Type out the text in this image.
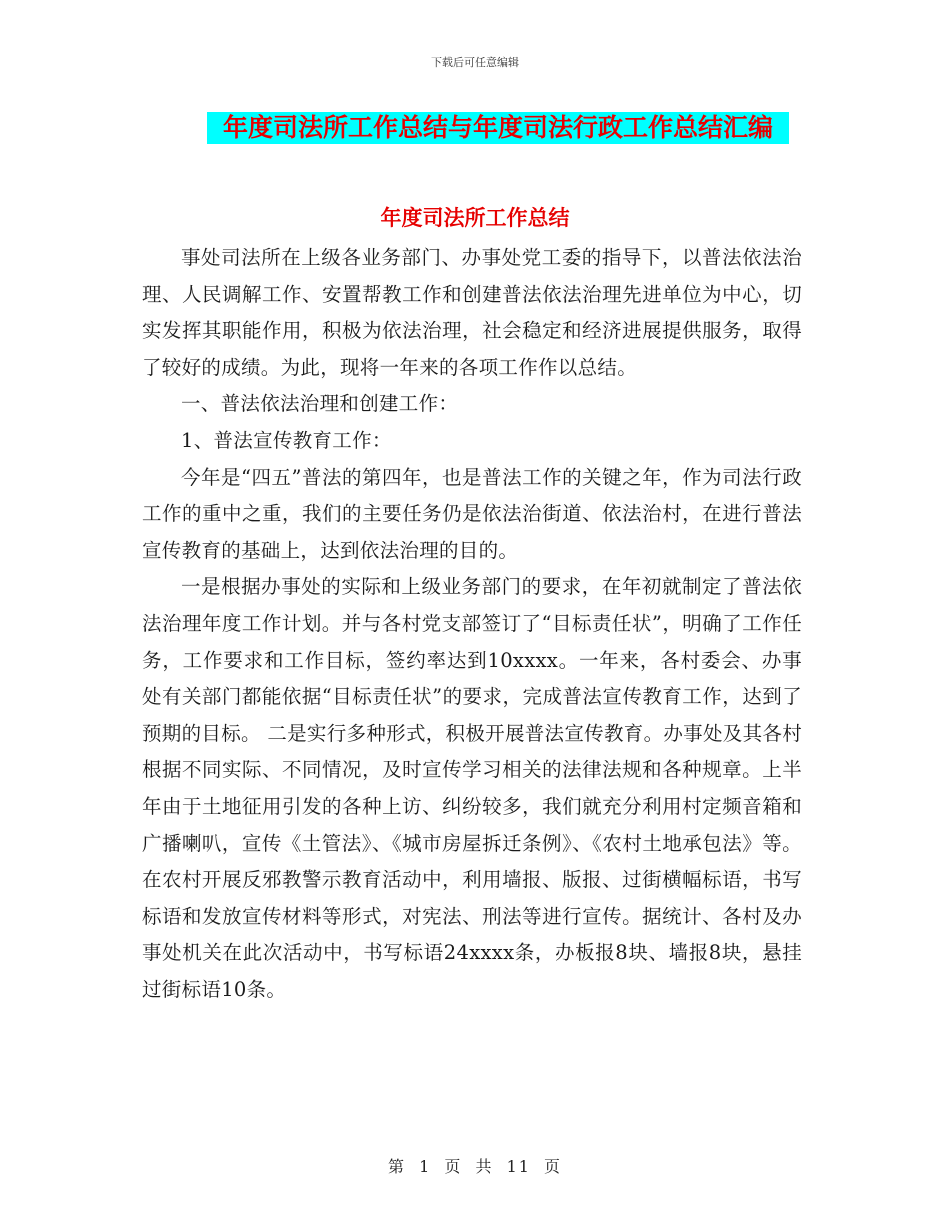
下载后可任意编辑
年度司法所工作总结与年度司法行政工作总结汇编
年度司法所工作总结

事处司法所在上级各业务部门、办事处党工委的指导下，以普法依法治理、人民调解工作、安置帮教工作和创建普法依法治理先进单位为中心，切实发挥其职能作用，积极为依法治理，社会稳定和经济进展提供服务，取得了较好的成绩。为此，现将一年来的各项工作作以总结。

一、普法依法治理和创建工作：

1、普法宣传教育工作：

今年是“四五”普法的第四年，也是普法工作的关键之年，作为司法行政工作的重中之重，我们的主要任务仍是依法治街道、依法治村，在进行普法宣传教育的基础上，达到依法治理的目的。

一是根据办事处的实际和上级业务部门的要求，在年初就制定了普法依法治理年度工作计划。并与各村党支部签订了“目标责任状”，明确了工作任务，工作要求和工作目标，签约率达到10xxxx。一年来，各村委会、办事处有关部门都能依据“目标责任状”的要求，完成普法宣传教育工作，达到了预期的目标。 二是实行多种形式，积极开展普法宣传教育。办事处及其各村根据不同实际、不同情况，及时宣传学习相关的法律法规和各种规章。上半年由于土地征用引发的各种上访、纠纷较多，我们就充分利用村定频音箱和广播喇叭，宣传《土管法》、《城市房屋拆迁条例》、《农村土地承包法》等。在农村开展反邪教警示教育活动中，利用墙报、版报、过街横幅标语，书写标语和发放宣传材料等形式，对宪法、刑法等进行宣传。据统计、各村及办事处机关在此次活动中，书写标语24xxxx条，办板报8块、墙报8块，悬挂过街标语10条。

第 1 页 共 11 页
